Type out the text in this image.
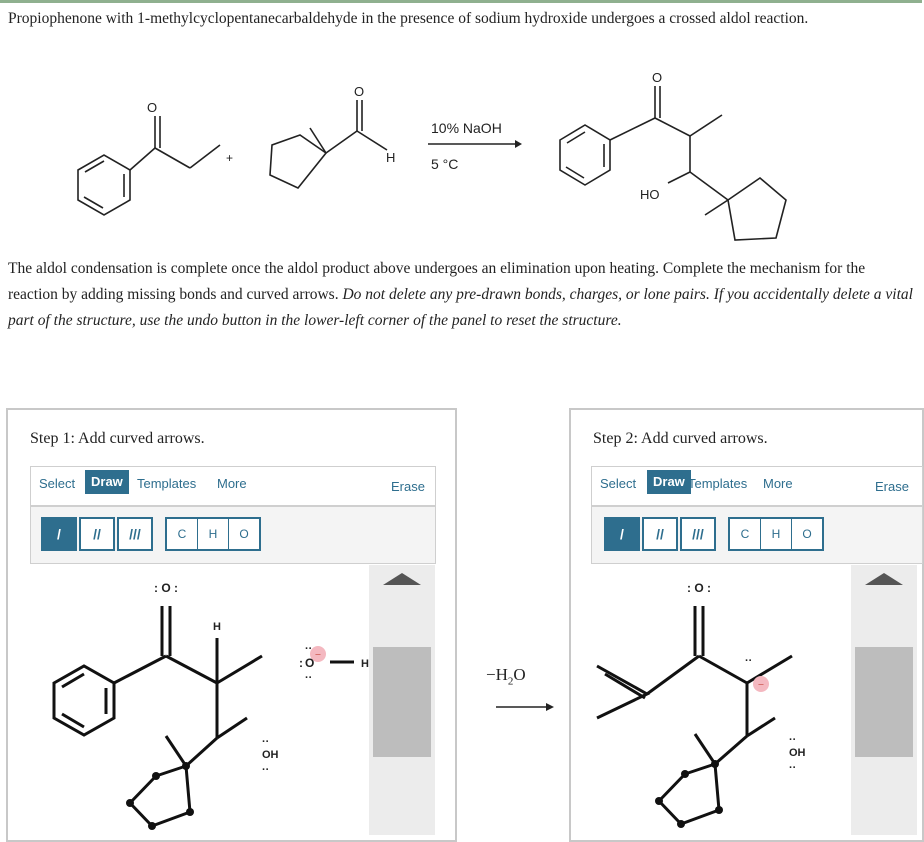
Propiophenone with 1-methylcyclopentanecarbaldehyde in the presence of sodium hydroxide undergoes a crossed aldol reaction.
O
+
O
H
10% NaOH
5 °C
O
HO
The aldol condensation is complete once the aldol product above undergoes an elimination upon heating. Complete the mechanism for the reaction by adding missing bonds and curved arrows. Do not delete any pre-drawn bonds, charges, or lone pairs. If you accidentally delete a vital part of the structure, use the undo button in the lower-left corner of the panel to reset the structure.
Step 1: Add curved arrows.
Select	Draw	Templates More	Erase
/	//	///	C	H	O
−
: O :
H
OH
··
··
: O
··
··
H
$-H_2O$
Step 2: Add curved arrows.
Select	Draw Templates More	Erase
/	//	///	C	H	O
−
··
: O :
OH
··
··
